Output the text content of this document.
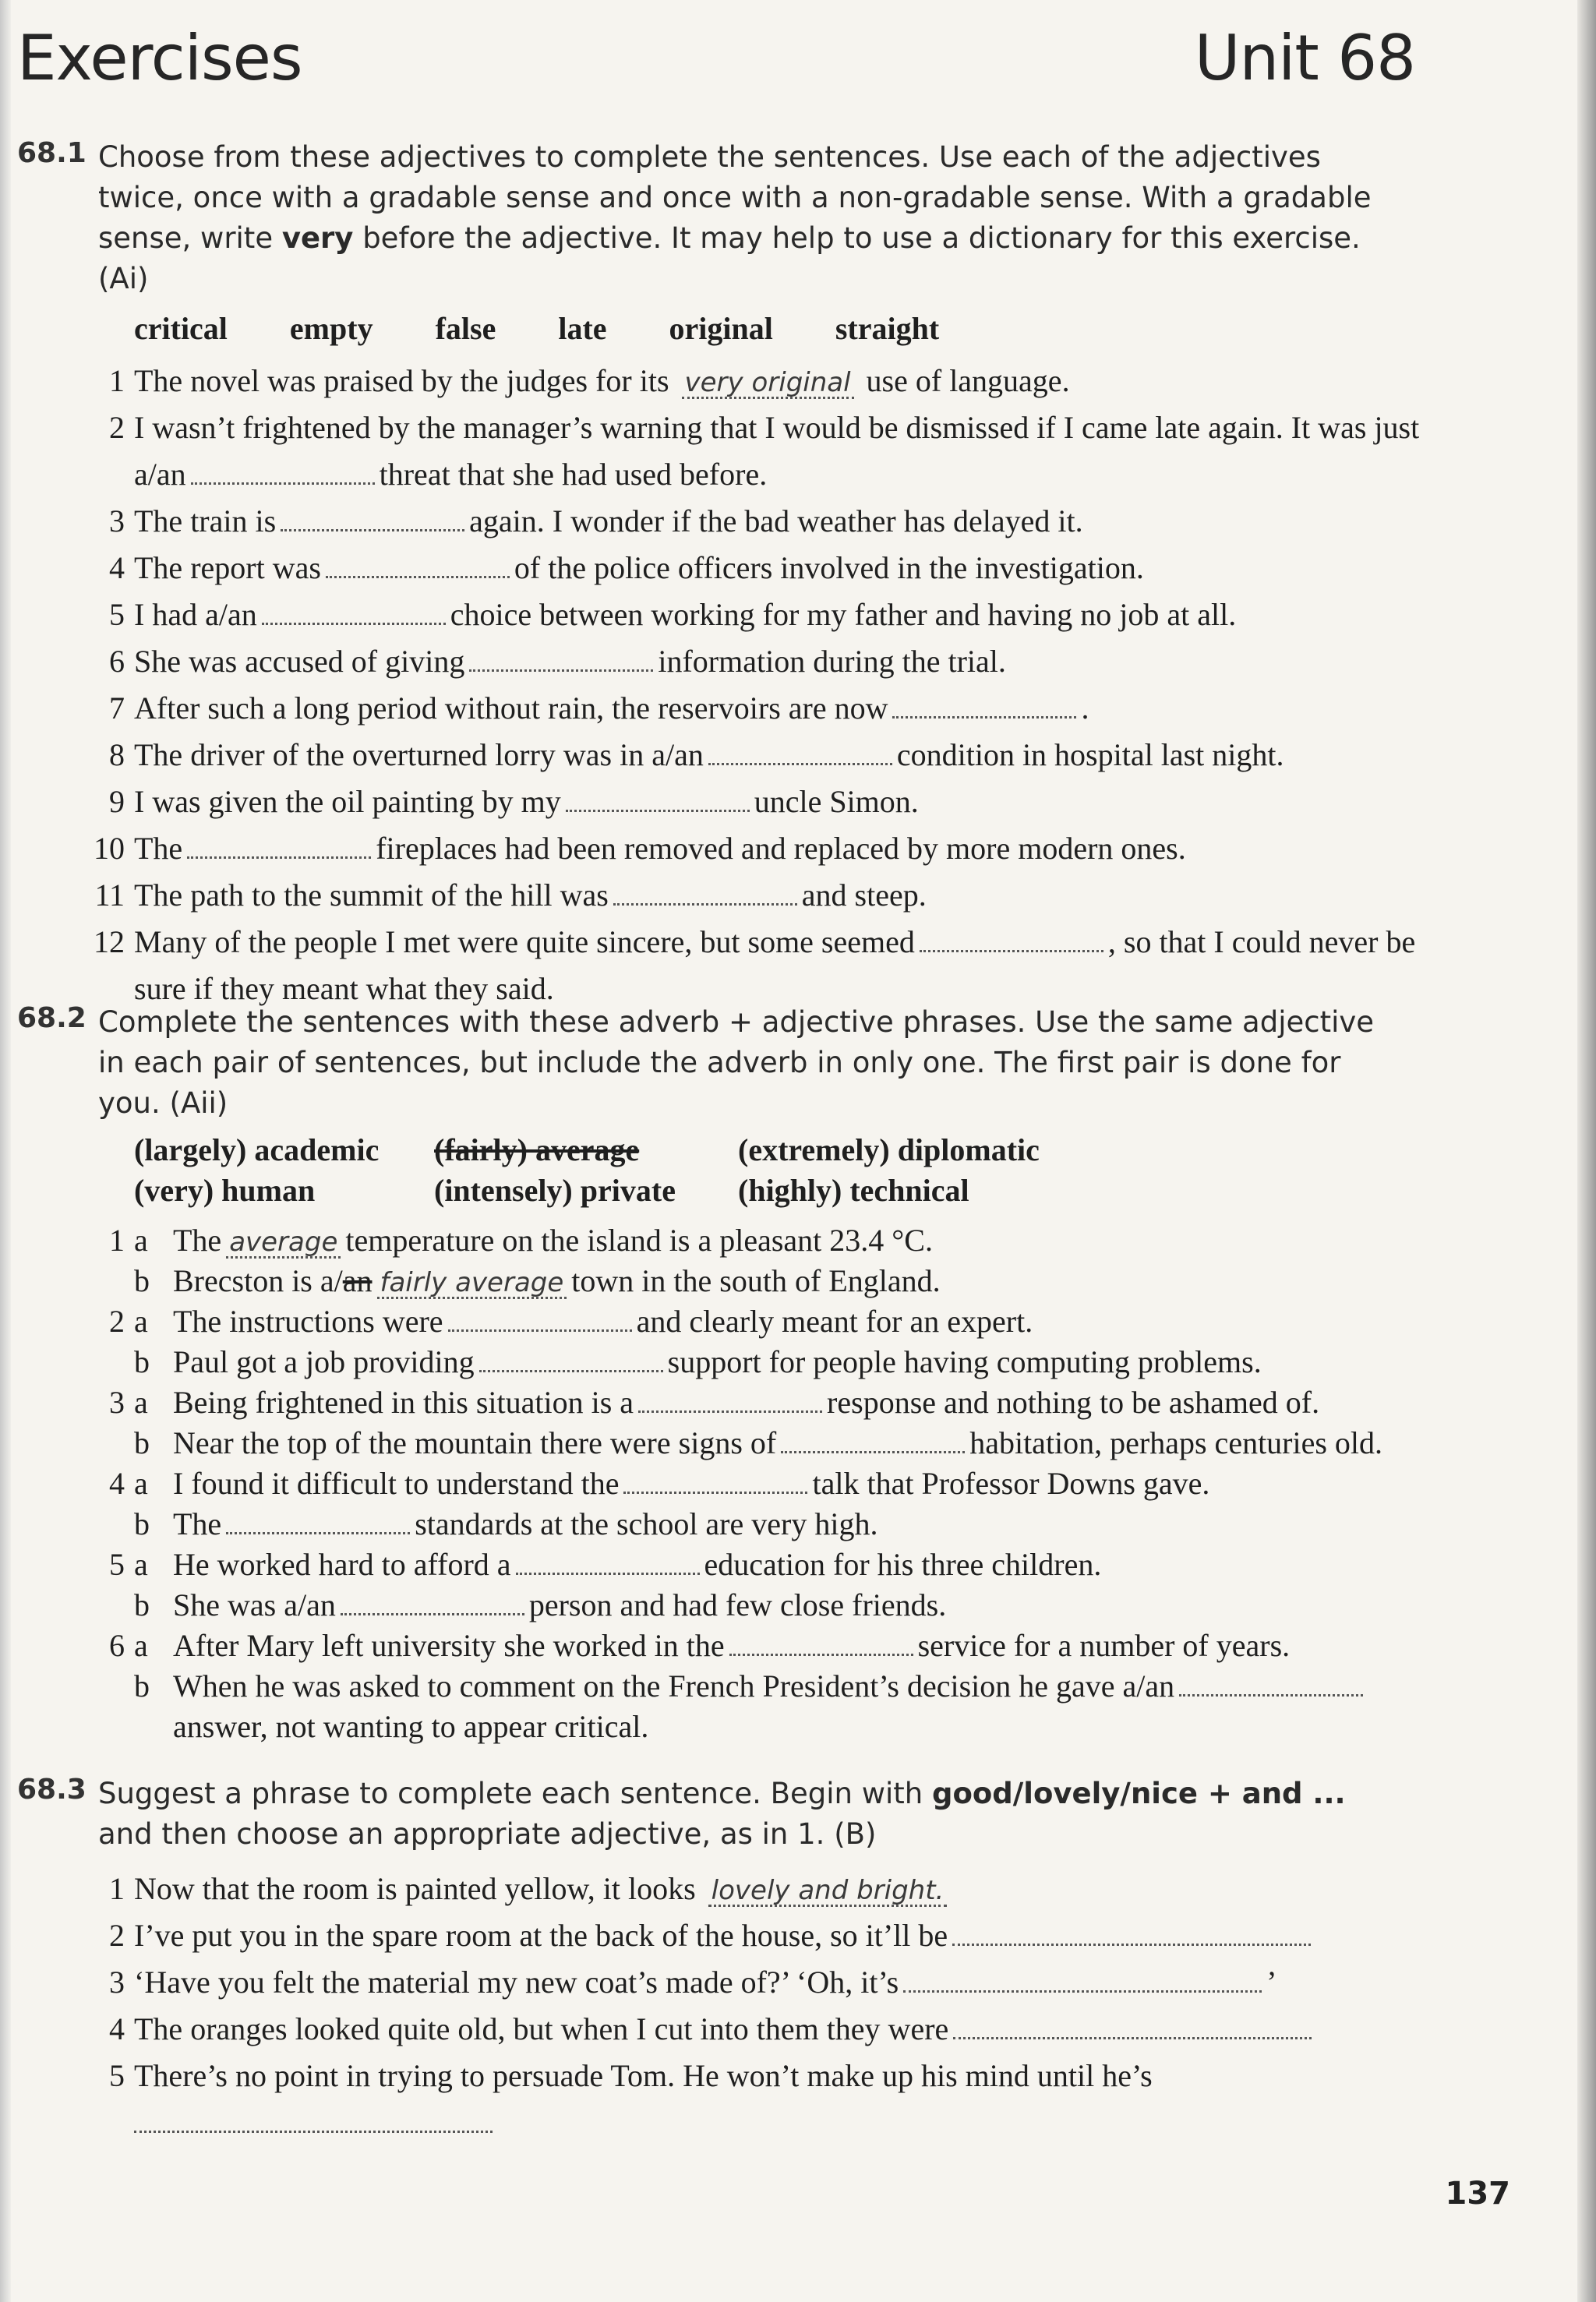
Exercises	Unit 68
68.1 Choose from these adjectives to complete the sentences. Use each of the adjectives twice, once with a gradable sense and once with a non-gradable sense. With a gradable sense, write very before the adjective. It may help to use a dictionary for this exercise. (Ai)
critical empty false late original straight
1 The novel was praised by the judges for its very original use of language.
2 I wasn’t frightened by the manager’s warning that I would be dismissed if I came late again. It was just a/an	threat that she had used before.
3 The train is	again. I wonder if the bad weather has delayed it.
4 The report was	of the police officers involved in the investigation.
5 I had a/an	choice between working for my father and having no job at all.
6 She was accused of giving	information during the trial.
7 After such a long period without rain, the reservoirs are now	.
8 The driver of the overturned lorry was in a/an	condition in hospital last night.
9 I was given the oil painting by my	uncle Simon.
10 The	fireplaces had been removed and replaced by more modern ones.
11 The path to the summit of the hill was	and steep.
12 Many of the people I met were quite sincere, but some seemed	, so that I could never be sure if they meant what they said.
68.2 Complete the sentences with these adverb + adjective phrases. Use the same adjective in each pair of sentences, but include the adverb in only one. The first pair is done for you. (Aii)
(largely) academic	(fairly) average	(extremely) diplomatic
(very) human	(intensely) private	(highly) technical
1 a The average temperature on the island is a pleasant 23.4 °C.
b Brecston is a/an fairly average town in the south of England.
2 a The instructions were	and clearly meant for an expert.
b Paul got a job providing	support for people having computing problems.
3 a Being frightened in this situation is a	response and nothing to be ashamed of.
b Near the top of the mountain there were signs of	habitation, perhaps centuries old.
4 a I found it difficult to understand the	talk that Professor Downs gave.
b The	standards at the school are very high.
5 a He worked hard to afford a	education for his three children.
b She was a/an	person and had few close friends.
6 a After Mary left university she worked in the	service for a number of years.
b When he was asked to comment on the French President’s decision he gave a/ananswer, not wanting to appear critical.
68.3 Suggest a phrase to complete each sentence. Begin with good/lovely/nice + and ... and then choose an appropriate adjective, as in 1. (B)
1 Now that the room is painted yellow, it looks lovely and bright.
2 I’ve put you in the spare room at the back of the house, so it’ll be
3 ‘Have you felt the material my new coat’s made of?’ ‘Oh, it’s	’
4 The oranges looked quite old, but when I cut into them they were
5 There’s no point in trying to persuade Tom. He won’t make up his mind until he’s

137
